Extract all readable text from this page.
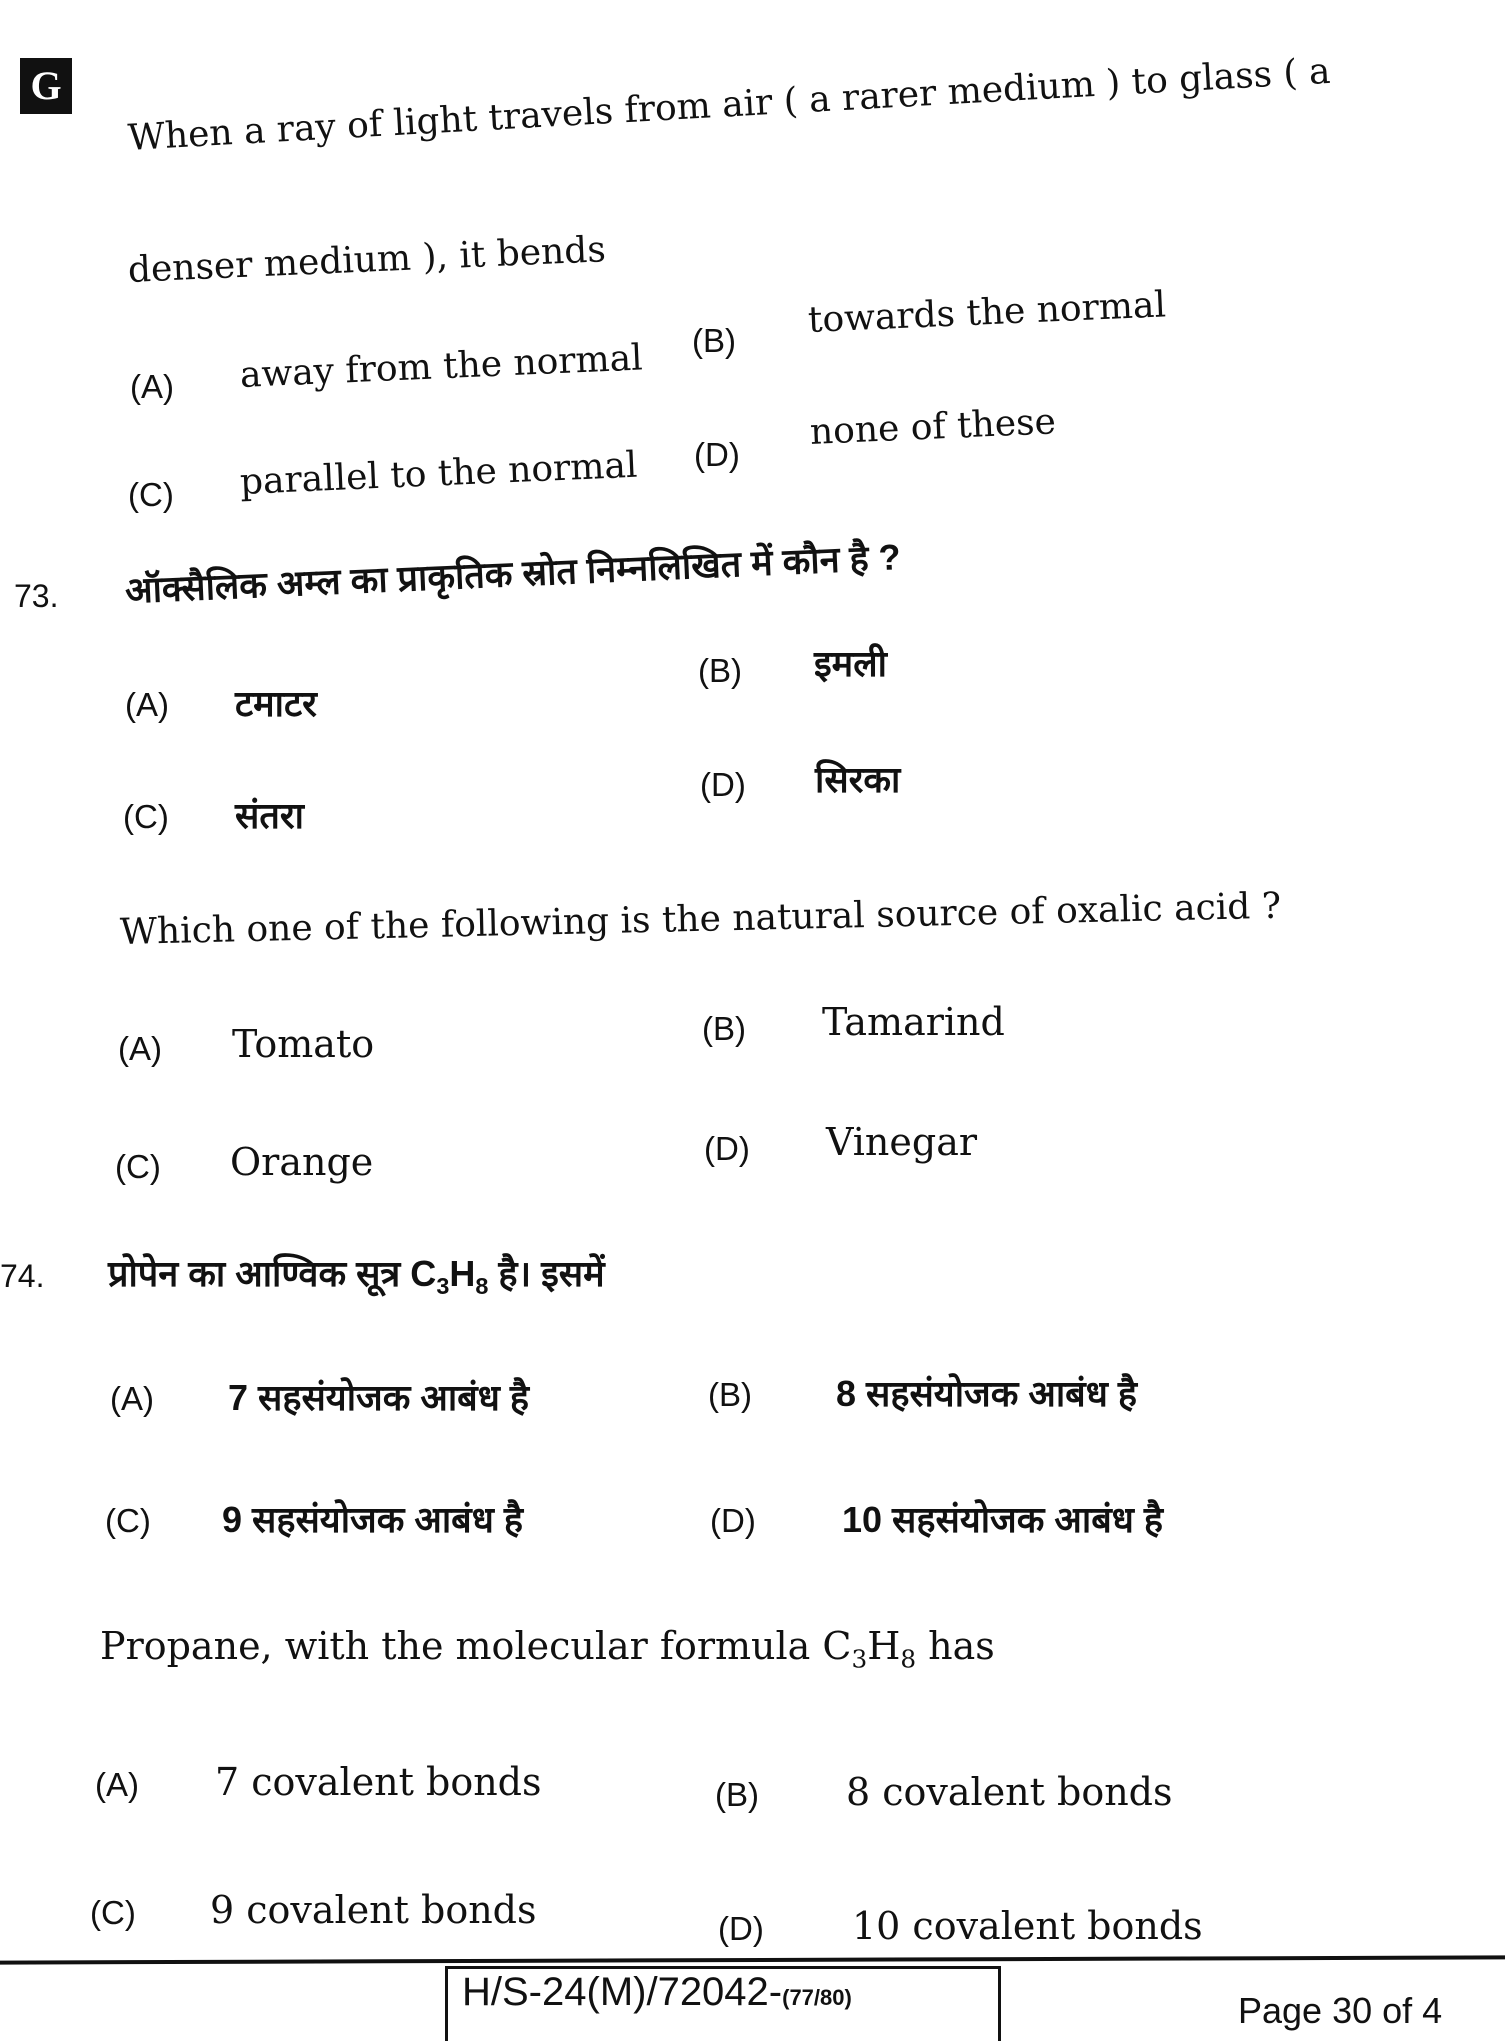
G When a ray of light travels from air ( a rarer medium ) to glass ( a
denser medium ), it bends
(A) away from the normal (B) towards the normal
(C) parallel to the normal (D)
none of these
73. ऑक्सैलिक अम्ल का प्राकृतिक स्रोत निम्नलिखित में कौन है ?
(A) टमाटर
(B) इमली
(C) संतरा
(D) सिरका
Which one of the following is the natural source of oxalic acid ?
(A) Tomato	(B) Tamarind
(C) Orange	(D) Vinegar
74. प्रोपेन का आण्विक सूत्र $C_3H_8$ है। इसमें
(A) 7 सहसंयोजक आबंध है	(B) 8 सहसंयोजक आबंध है
(C) 9 सहसंयोजक आबंध है	(D) 10 सहसंयोजक आबंध है
Propane, with the molecular formula $C_3H_8$ has
(A) 7 covalent bonds	(B) 8 covalent bonds
(C) 9 covalent bonds	(D) 10 covalent bonds
H/S-24(M)/72042-(77/80)	Page 30 of 4
